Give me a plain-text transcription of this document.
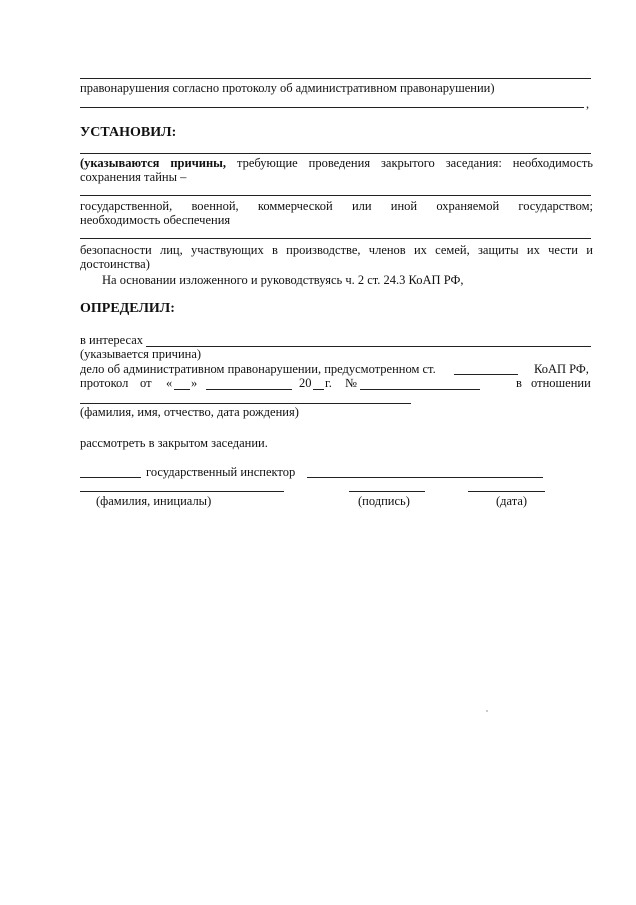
правонарушения согласно протоколу об административном правонарушении)
,
УСТАНОВИЛ:
(указываются причины, требующие проведения закрытого заседания: необходимость
сохранения тайны –
государственной, военной, коммерческой или иной охраняемой государством;
необходимость обеспечения
безопасности лиц, участвующих в производстве, членов их семей, защиты их чести и
достоинства)
На основании изложенного и руководствуясь ч. 2 ст. 24.3 КоАП РФ,
ОПРЕДЕЛИЛ:
в интересах
(указывается причина)
дело об административном правонарушении, предусмотренном ст.	КоАП РФ,
протокол от « »	20 г. №	в отношении
(фамилия, имя, отчество, дата рождения)
рассмотреть в закрытом заседании.
государственный инспектор
(фамилия, инициалы)	(подпись)	(дата)
